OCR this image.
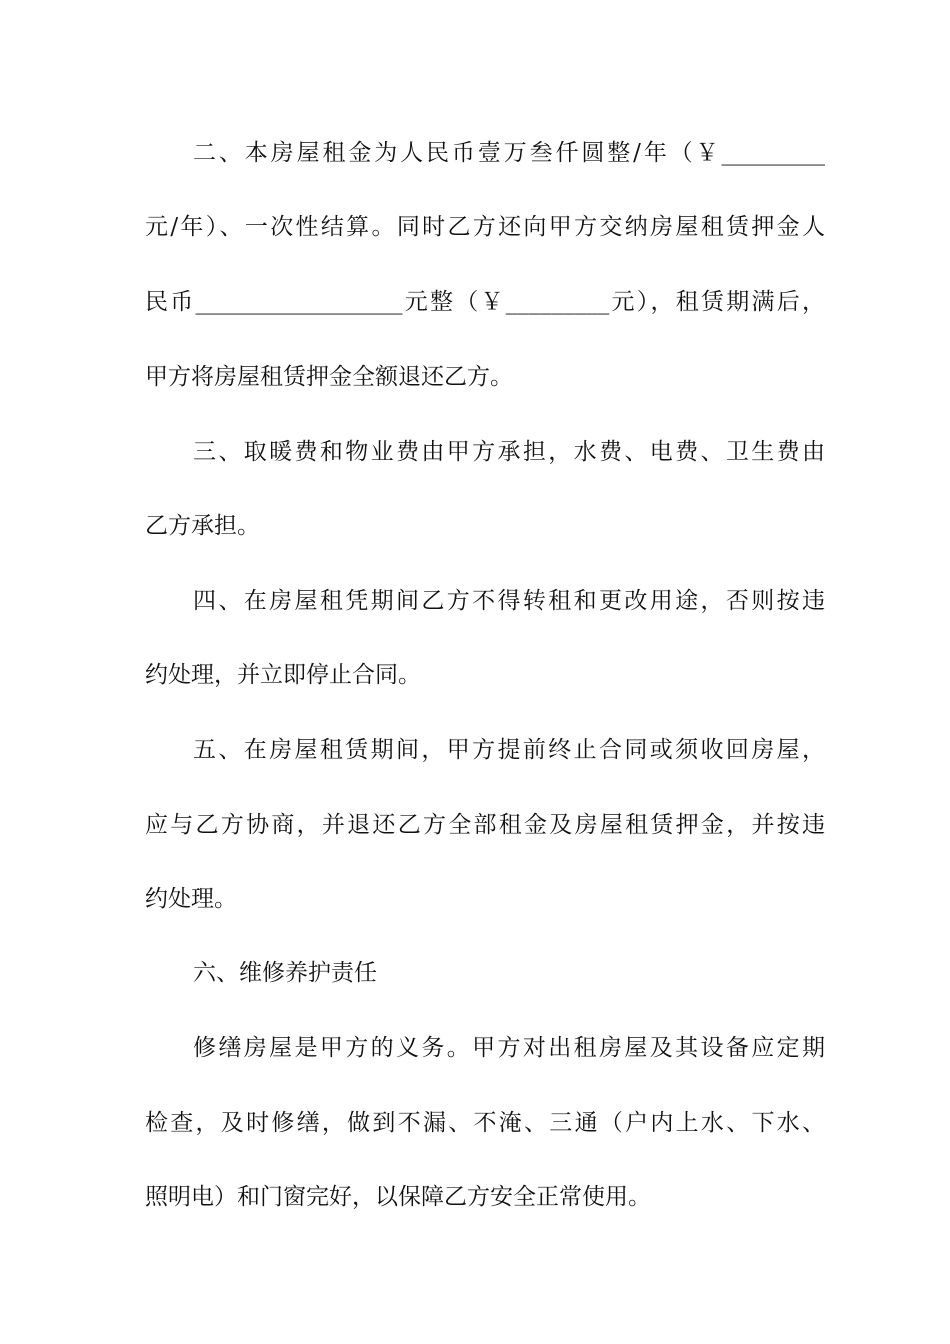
二、本房屋租金为人民币壹万叁仟圆整/年（￥_________
元/年）、一次性结算。同时乙方还向甲方交纳房屋租赁押金人
民币__________________元整（￥_________元），租赁期满后，
甲方将房屋租赁押金全额退还乙方。
三、取暖费和物业费由甲方承担，水费、电费、卫生费由
乙方承担。
四、在房屋租凭期间乙方不得转租和更改用途，否则按违
约处理，并立即停止合同。
五、在房屋租赁期间，甲方提前终止合同或须收回房屋，
应与乙方协商，并退还乙方全部租金及房屋租赁押金，并按违
约处理。
六、维修养护责任
修缮房屋是甲方的义务。甲方对出租房屋及其设备应定期
检查，及时修缮，做到不漏、不淹、三通（户内上水、下水、
照明电）和门窗完好，以保障乙方安全正常使用。
